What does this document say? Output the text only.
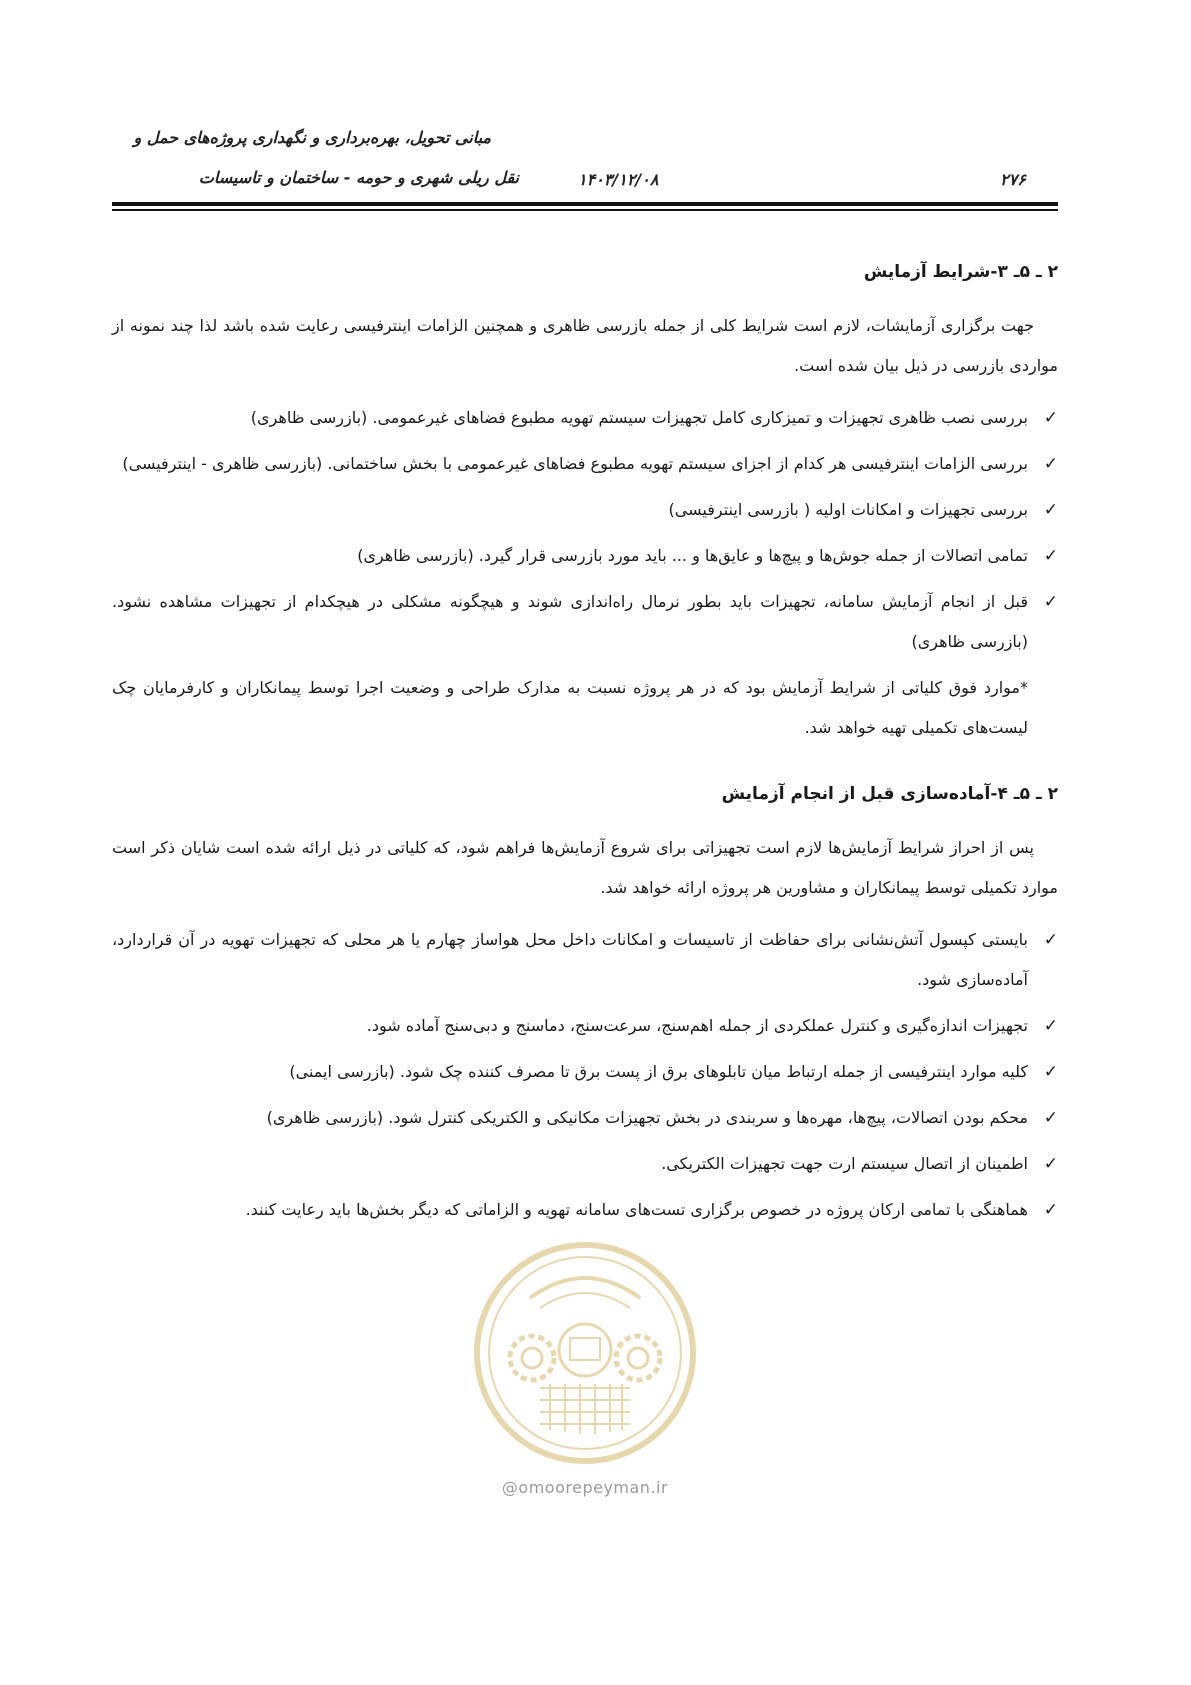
مبانی تحویل، بهره‌برداری و نگهداری پروژه‌های حمل و
نقل ریلی شهری و حومه - ساختمان و تاسیسات	۱۴۰۳/۱۲/۰۸	۲۷۶
۲ ـ ۵ـ ۳-شرایط آزمایش

جهت برگزاری آزمایشات، لازم است شرایط کلی از جمله بازرسی ظاهری و همچنین الزامات اینترفیسی رعایت شده باشد لذا چند نمونه از مواردی بازرسی در ذیل بیان شده است.

✓
بررسی نصب ظاهری تجهیزات و تمیزکاری کامل تجهیزات سیستم تهویه مطبوع فضاهای غیرعمومی. (بازرسی ظاهری)
✓
بررسی الزامات اینترفیسی هر کدام از اجزای سیستم تهویه مطبوع فضاهای غیرعمومی با بخش ساختمانی. (بازرسی ظاهری - اینترفیسی)
✓
بررسی تجهیزات و امکانات اولیه ( بازرسی اینترفیسی)
✓
تمامی اتصالات از جمله جوش‌ها و پیچ‌ها و عایق‌ها و ... باید مورد بازرسی قرار گیرد. (بازرسی ظاهری)
✓
قبل از انجام آزمایش سامانه، تجهیزات باید بطور نرمال راه‌اندازی شوند و هیچگونه مشکلی در هیچکدام از تجهیزات مشاهده نشود. (بازرسی ظاهری)

*موارد فوق کلیاتی از شرایط آزمایش بود که در هر پروژه نسبت به مدارک طراحی و وضعیت اجرا توسط پیمانکاران و کارفرمایان چک لیست‌های تکمیلی تهیه خواهد شد.

۲ ـ ۵ـ ۴-آماده‌سازی قبل از انجام آزمایش

پس از احراز شرایط آزمایش‌ها لازم است تجهیزاتی برای شروع آزمایش‌ها فراهم شود، که کلیاتی در ذیل ارائه شده است شایان ذکر است موارد تکمیلی توسط پیمانکاران و مشاورین هر پروژه ارائه خواهد شد.

✓
بایستی کپسول آتش‌نشانی برای حفاظت از تاسیسات و امکانات داخل محل هواساز چهارم یا هر محلی که تجهیزات تهویه در آن قراردارد، آماده‌سازی شود.
✓
تجهیزات اندازه‌گیری و کنترل عملکردی از جمله اهم‌سنج، سرعت‌سنج، دماسنج و دبی‌سنج آماده شود.
✓
کلیه موارد اینترفیسی از جمله ارتباط میان تابلوهای برق از پست برق تا مصرف کننده چک شود. (بازرسی ایمنی)
✓
محکم بودن اتصالات، پیچ‌ها، مهره‌ها و سربندی در بخش تجهیزات مکانیکی و الکتریکی کنترل شود. (بازرسی ظاهری)
✓
اطمینان از اتصال سیستم ارت جهت تجهیزات الکتریکی.
✓
هماهنگی با تمامی ارکان پروژه در خصوص برگزاری تست‌های سامانه تهویه و الزاماتی که دیگر بخش‌ها باید رعایت کنند.
@omoorepeyman.ir
